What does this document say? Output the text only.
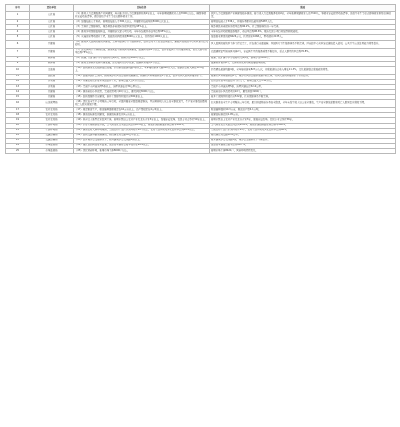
序号	责任单位	目标任务	进展
1	人社局	（1）推动人力资源服务产业园建设，年内新引进人力资源服务机构2家以上，全年新增城镇就业人员7000人以上，确保零就业家庭动态清零，做好高校毕业生等重点群体就业工作。	我区人力资源服务产业园建设稳步推进，新引进人力资源服务机构2家。全年新增城镇就业人员7320人，零就业家庭保持动态清零，高校毕业生等重点群体就业形势总体稳定。
2	人社局	（2）加强技能人才培养，新增高技能人才300人以上，开展职业技能培训5000人次以上。	新增高技能人才336人，开展各类职业技能培训5487人次。
3	人社局	（3）完善社会保障体系，城乡居民养老保险参保率保持在95%以上。	城乡居民养老保险参保率达到96.2%，社会保障体系进一步完善。
4	人社局	（4）推进劳动保障监察执法，开展根治欠薪专项行动，全年办结案件办结率达到95%以上。	全年办结劳动保障监察案件，办结率达到98.6%，根治欠薪专项行动取得积极成效。
5	人社局	（5）实施创业带动就业工程，发放创业担保贷款8000万元以上，扶持创业1000人以上。	发放创业担保贷款8426万元，扶持创业1068人，带动就业2135人。
6	卫健局	（6）推进区人民医院新院区建设，完善基层医疗卫生服务体系，提升公共卫生应急处置能力，建成区级疾控中心实验室并投入使用。	区人民医院新院区主体工程已完工，正在进行内部装修；基层医疗卫生服务体系不断完善，区疾控中心实验室已建成投入使用，公共卫生应急处置能力明显提升。
7	卫健局	（7）深化医药卫生体制改革，推进紧密型县域医共体建设，组建医共体2个以上，提升家庭医生签约服务质量，重点人群签约率达到75%以上。	已组建紧密型县域医共体2个，家庭医生签约服务质量不断提升，重点人群签约率达到76.8%。
8	教体局	（8）新建、改扩建中小学校和幼儿园3所，新增学位2000个以上。	新建、改扩建中小学校和幼儿园3所，新增学位2160个。
9	教体局	（9）推进义务教育优质均衡发展，深化集团化办学改革，组建教育集团5个以上。	组建教育集团6个，义务教育优质均衡发展稳步推进。
10	文旅局	（10）加快推进文化旅游融合发展，打造精品旅游线路3条以上，全年接待游客突破800万人次，旅游综合收入增长10%以上。	打造精品旅游线路4条，全年接待游客823万人次，实现旅游综合收入增长11.3%，文化旅游融合发展成效明显。
11	民政局	（11）加强基层社会治理，推进城乡社区综合服务设施建设，新建社区养老服务站5个以上，提升特困人员供养服务水平。	新建社区养老服务站6个，城乡社区综合服务设施不断完善，特困人员供养服务水平持续提升。
12	水利局	（12）实施农村饮水安全巩固提升工程，新增受益人口1万人以上。	农村饮水安全巩固提升工程完工，新增受益人口1.12万人。
13	水利局	（13）完成中小河流治理5条以上，治理河道长度30公里以上。	完成中小河流治理5条，治理河道长度32.6公里。
14	住建局	（14）推进老旧小区改造，完成改造项目20个以上，惠及居民3000户以上。	完成老旧小区改造项目22个，惠及居民3260户。
15	住建局	（15）加快保障性住房建设，新开工保障性租赁住房500套以上。	新开工保障性租赁住房532套，住房保障体系不断完善。
16	应急管理局	（16）深化安全生产专项整治三年行动，全面开展安全隐患排查整治，坚决遏制较大以上安全事故发生，生产安全事故起数和死亡人数实现双下降。	扎实推进安全生产专项整治三年行动，累计排查整治各类安全隐患，全年未发生较大以上安全事故，生产安全事故起数和死亡人数同比实现双下降。
17	农业农村局	（17）稳定粮食生产，粮食播种面积稳定在10万亩以上，总产量稳定在4万吨以上。	粮食播种面积10.3万亩，粮食总产量4.1万吨。
18	农业农村局	（18）推进高标准农田建设，新建高标准农田1万亩以上。	新建高标准农田1.05万亩。
19	农业农村局	（19）培育壮大新型农业经营主体，新增市级以上农业产业化龙头企业3家以上，发展家庭农场、农民专业合作社50家以上。	新增市级以上农业产业化龙头企业3家，发展家庭农场、农民专业合作社56家。
20	生态环境局	（20）打好污染防治攻坚战，空气质量优良天数比例达到80%以上，地表水国控断面水质达标率100%。	空气质量优良天数比例达到81.6%，地表水国控断面水质达标率100%。
21	生态环境局	（21）推进农村人居环境整治，完成农村生活污水治理村庄20个以上，农村生活垃圾无害化处理率达到95%以上。	完成农村生活污水治理村庄21个，农村生活垃圾无害化处理率达到96%。
22	交通运输局	（22）加快交通基础设施建设，新改建农村公路50公里以上。	新改建农村公路52.8公里。
23	交通运输局	（23）提升城乡公交服务水平，新开通城乡公交线路3条以上。	新开通城乡公交线路3条，城乡公交服务水平不断提升。
24	市场监管局	（24）强化食品药品安全监管，食品安全抽检合格率保持在98%以上。	食品安全抽检合格率达到98.7%。
25	市场监管局	（25）优化营商环境，新增市场主体8000户以上。	新增市场主体8421户，营商环境持续优化。
